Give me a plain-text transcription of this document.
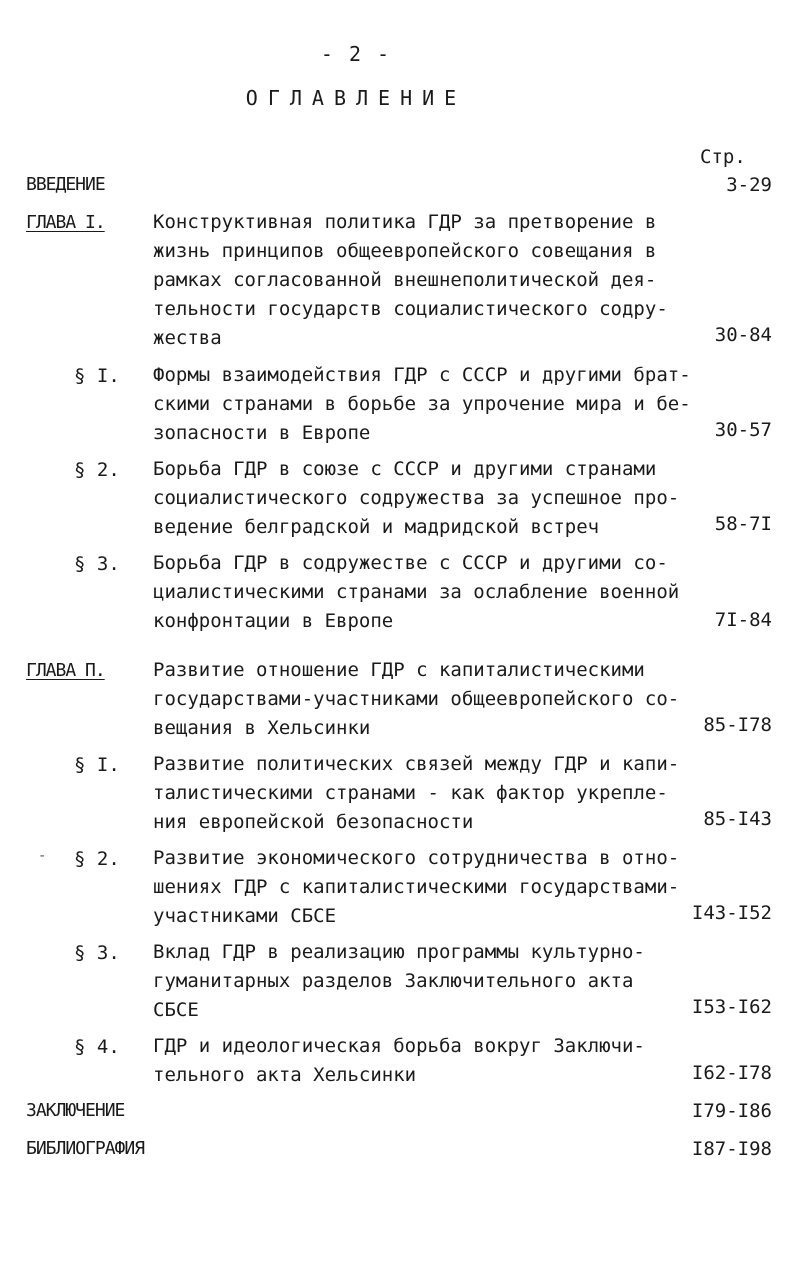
- 2 -
ОГЛАВЛЕНИЕ
Стр.
ВВЕДЕНИЕ	3-29
ГЛАВА I.	Конструктивная политика ГДР за претворение в
жизнь принципов общеевропейского совещания в
рамках согласованной внешнеполитической дея-
тельности государств социалистического содру-
жества	30-84
§ I. Формы взаимодействия ГДР с СССР и другими брат-
скими странами в борьбе за упрочение мира и бе-
зопасности в Европе	30-57
§ 2. Борьба ГДР в союзе с СССР и другими странами
социалистического содружества за успешное про-
ведение белградской и мадридской встреч	58-7I
§ 3. Борьба ГДР в содружестве с СССР и другими со-
циалистическими странами за ослабление военной
конфронтации в Европе	7I-84
ГЛАВА П.	Развитие отношение ГДР с капиталистическими
государствами-участниками общеевропейского со-
вещания в Хельсинки	85-I78
§ I. Развитие политических связей между ГДР и капи-
талистическими странами - как фактор укрепле-
ния европейской безопасности	85-I43
- § 2. Развитие экономического сотрудничества в отно-
шениях ГДР с капиталистическими государствами-
участниками СБСЕ	I43-I52
§ 3. Вклад ГДР в реализацию программы культурно-
гуманитарных разделов Заключительного акта
СБСЕ	I53-I62
§ 4. ГДР и идеологическая борьба вокруг Заключи-
тельного акта Хельсинки	I62-I78
ЗАКЛЮЧЕНИЕ	I79-I86
БИБЛИОГРАФИЯ	I87-I98
